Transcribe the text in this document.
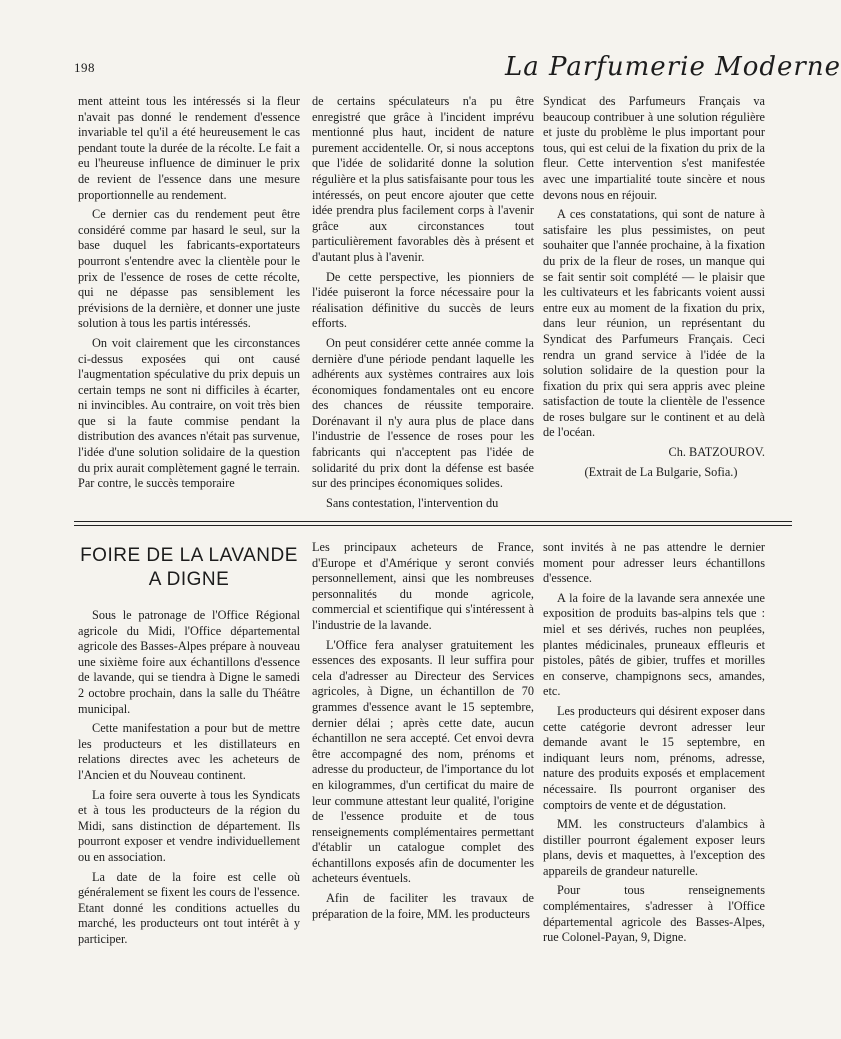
198	La Parfumerie Moderne

ment atteint tous les intéressés si la fleur n'avait pas donné le rendement d'essence invariable tel qu'il a été heureusement le cas pendant toute la durée de la récolte. Le fait a eu l'heureuse influence de diminuer le prix de revient de l'essence dans une mesure proportionnelle au rendement.

Ce dernier cas du rendement peut être considéré comme par hasard le seul, sur la base duquel les fabricants-exportateurs pourront s'entendre avec la clientèle pour le prix de l'essence de roses de cette récolte, qui ne dépasse pas sensiblement les prévisions de la dernière, et donner une juste solution à tous les partis intéressés.

On voit clairement que les circonstances ci-dessus exposées qui ont causé l'augmentation spéculative du prix depuis un certain temps ne sont ni difficiles à écarter, ni invincibles. Au contraire, on voit très bien que si la faute commise pendant la distribution des avances n'était pas survenue, l'idée d'une solution solidaire de la question du prix aurait complètement gagné le terrain. Par contre, le succès temporaire

de certains spéculateurs n'a pu être enregistré que grâce à l'incident imprévu mentionné plus haut, incident de nature purement accidentelle. Or, si nous acceptons que l'idée de solidarité donne la solution régulière et la plus satisfaisante pour tous les intéressés, on peut encore ajouter que cette idée prendra plus facilement corps à l'avenir grâce aux circonstances tout particulièrement favorables dès à présent et d'autant plus à l'avenir.

De cette perspective, les pionniers de l'idée puiseront la force nécessaire pour la réalisation définitive du succès de leurs efforts.

On peut considérer cette année comme la dernière d'une période pendant laquelle les adhérents aux systèmes contraires aux lois économiques fondamentales ont eu encore des chances de réussite temporaire. Dorénavant il n'y aura plus de place dans l'industrie de l'essence de roses pour les fabricants qui n'acceptent pas l'idée de solidarité du prix dont la défense est basée sur des principes économiques solides.

Sans contestation, l'intervention du

Syndicat des Parfumeurs Français va beaucoup contribuer à une solution régulière et juste du problème le plus important pour tous, qui est celui de la fixation du prix de la fleur. Cette intervention s'est manifestée avec une impartialité toute sincère et nous devons nous en réjouir.

A ces constatations, qui sont de nature à satisfaire les plus pessimistes, on peut souhaiter que l'année prochaine, à la fixation du prix de la fleur de roses, un manque qui se fait sentir soit complété — le plaisir que les cultivateurs et les fabricants voient aussi entre eux au moment de la fixation du prix, dans leur réunion, un représentant du Syndicat des Parfumeurs Français. Ceci rendra un grand service à l'idée de la solution solidaire de la question pour la fixation du prix qui sera appris avec pleine satisfaction de toute la clientèle de l'essence de roses bulgare sur le continent et au delà de l'océan.

Ch. BATZOUROV.

(Extrait de La Bulgarie, Sofia.)

FOIRE DE LA LAVANDE
A DIGNE

Sous le patronage de l'Office Régional agricole du Midi, l'Office départemental agricole des Basses-Alpes prépare à nouveau une sixième foire aux échantillons d'essence de lavande, qui se tiendra à Digne le samedi 2 octobre prochain, dans la salle du Théâtre municipal.

Cette manifestation a pour but de mettre les producteurs et les distillateurs en relations directes avec les acheteurs de l'Ancien et du Nouveau continent.

La foire sera ouverte à tous les Syndicats et à tous les producteurs de la région du Midi, sans distinction de département. Ils pourront exposer et vendre individuellement ou en association.

La date de la foire est celle où généralement se fixent les cours de l'essence. Etant donné les conditions actuelles du marché, les producteurs ont tout intérêt à y participer.

Les principaux acheteurs de France, d'Europe et d'Amérique y seront conviés personnellement, ainsi que les nombreuses personnalités du monde agricole, commercial et scientifique qui s'intéressent à l'industrie de la lavande.

L'Office fera analyser gratuitement les essences des exposants. Il leur suffira pour cela d'adresser au Directeur des Services agricoles, à Digne, un échantillon de 70 grammes d'essence avant le 15 septembre, dernier délai ; après cette date, aucun échantillon ne sera accepté. Cet envoi devra être accompagné des nom, prénoms et adresse du producteur, de l'importance du lot en kilogrammes, d'un certificat du maire de leur commune attestant leur qualité, l'origine de l'essence produite et de tous renseignements complémentaires permettant d'établir un catalogue complet des échantillons exposés afin de documenter les acheteurs éventuels.

Afin de faciliter les travaux de préparation de la foire, MM. les producteurs

sont invités à ne pas attendre le dernier moment pour adresser leurs échantillons d'essence.

A la foire de la lavande sera annexée une exposition de produits bas-alpins tels que : miel et ses dérivés, ruches non peuplées, plantes médicinales, pruneaux effleuris et pistoles, pâtés de gibier, truffes et morilles en conserve, champignons secs, amandes, etc.

Les producteurs qui désirent exposer dans cette catégorie devront adresser leur demande avant le 15 septembre, en indiquant leurs nom, prénoms, adresse, nature des produits exposés et emplacement nécessaire. Ils pourront organiser des comptoirs de vente et de dégustation.

MM. les constructeurs d'alambics à distiller pourront également exposer leurs plans, devis et maquettes, à l'exception des appareils de grandeur naturelle.

Pour tous renseignements complémentaires, s'adresser à l'Office départemental agricole des Basses-Alpes, rue Colonel-Payan, 9, Digne.
